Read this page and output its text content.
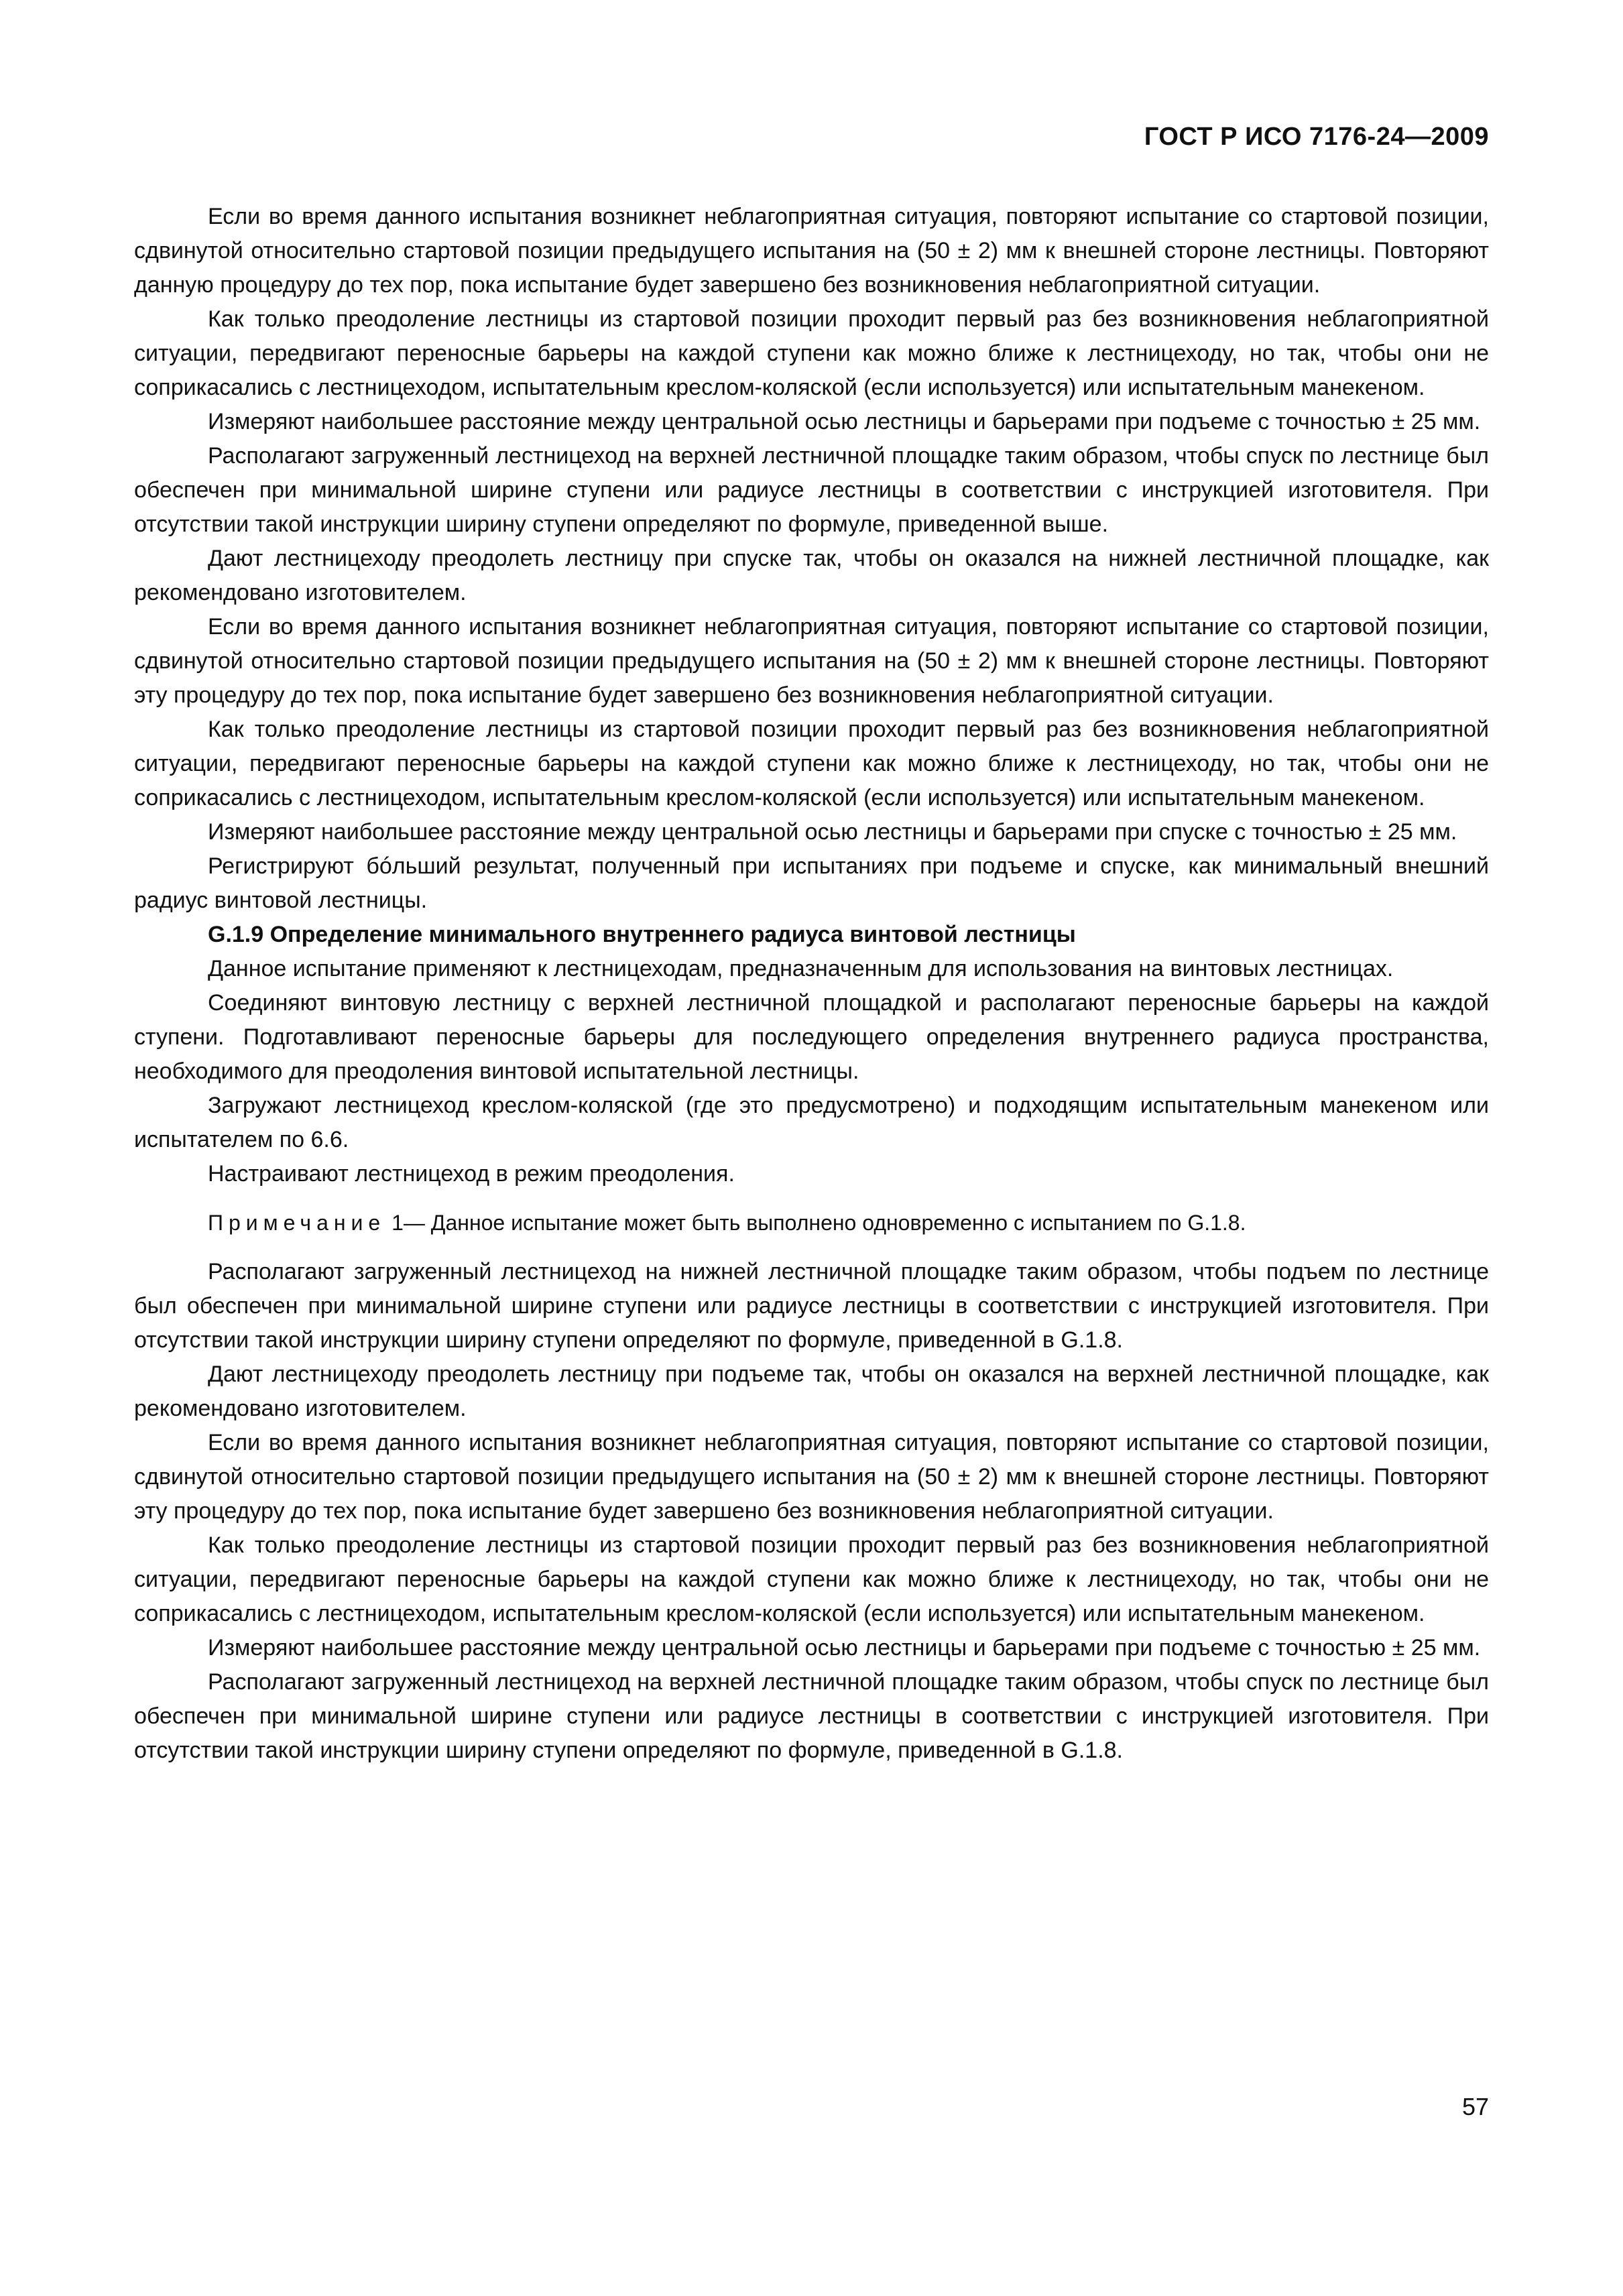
ГОСТ Р ИСО 7176-24—2009

Если во время данного испытания возникнет неблагоприятная ситуация, повторяют испытание со стартовой позиции, сдвинутой относительно стартовой позиции предыдущего испытания на (50 ± 2) мм к внешней стороне лестницы. Повторяют данную процедуру до тех пор, пока испытание будет завершено без возникновения неблагоприятной ситуации.

Как только преодоление лестницы из стартовой позиции проходит первый раз без возникновения неблагоприятной ситуации, передвигают переносные барьеры на каждой ступени как можно ближе к лестницеходу, но так, чтобы они не соприкасались с лестницеходом, испытательным креслом-коляской (если используется) или испытательным манекеном.

Измеряют наибольшее расстояние между центральной осью лестницы и барьерами при подъеме с точностью ± 25 мм.

Располагают загруженный лестницеход на верхней лестничной площадке таким образом, чтобы спуск по лестнице был обеспечен при минимальной ширине ступени или радиусе лестницы в соответствии с инструкцией изготовителя. При отсутствии такой инструкции ширину ступени определяют по формуле, приведенной выше.

Дают лестницеходу преодолеть лестницу при спуске так, чтобы он оказался на нижней лестничной площадке, как рекомендовано изготовителем.

Если во время данного испытания возникнет неблагоприятная ситуация, повторяют испытание со стартовой позиции, сдвинутой относительно стартовой позиции предыдущего испытания на (50 ± 2) мм к внешней стороне лестницы. Повторяют эту процедуру до тех пор, пока испытание будет завершено без возникновения неблагоприятной ситуации.

Как только преодоление лестницы из стартовой позиции проходит первый раз без возникновения неблагоприятной ситуации, передвигают переносные барьеры на каждой ступени как можно ближе к лестницеходу, но так, чтобы они не соприкасались с лестницеходом, испытательным креслом-коляской (если используется) или испытательным манекеном.

Измеряют наибольшее расстояние между центральной осью лестницы и барьерами при спуске с точностью ± 25 мм.

Регистрируют бóльший результат, полученный при испытаниях при подъеме и спуске, как минимальный внешний радиус винтовой лестницы.

G.1.9 Определение минимального внутреннего радиуса винтовой лестницы

Данное испытание применяют к лестницеходам, предназначенным для использования на винтовых лестницах.

Соединяют винтовую лестницу с верхней лестничной площадкой и располагают переносные барьеры на каждой ступени. Подготавливают переносные барьеры для последующего определения внутреннего радиуса пространства, необходимого для преодоления винтовой испытательной лестницы.

Загружают лестницеход креслом-коляской (где это предусмотрено) и подходящим испытательным манекеном или испытателем по 6.6.

Настраивают лестницеход в режим преодоления.

Примечание 1— Данное испытание может быть выполнено одновременно с испытанием по G.1.8.

Располагают загруженный лестницеход на нижней лестничной площадке таким образом, чтобы подъем по лестнице был обеспечен при минимальной ширине ступени или радиусе лестницы в соответствии с инструкцией изготовителя. При отсутствии такой инструкции ширину ступени определяют по формуле, приведенной в G.1.8.

Дают лестницеходу преодолеть лестницу при подъеме так, чтобы он оказался на верхней лестничной площадке, как рекомендовано изготовителем.

Если во время данного испытания возникнет неблагоприятная ситуация, повторяют испытание со стартовой позиции, сдвинутой относительно стартовой позиции предыдущего испытания на (50 ± 2) мм к внешней стороне лестницы. Повторяют эту процедуру до тех пор, пока испытание будет завершено без возникновения неблагоприятной ситуации.

Как только преодоление лестницы из стартовой позиции проходит первый раз без возникновения неблагоприятной ситуации, передвигают переносные барьеры на каждой ступени как можно ближе к лестницеходу, но так, чтобы они не соприкасались с лестницеходом, испытательным креслом-коляской (если используется) или испытательным манекеном.

Измеряют наибольшее расстояние между центральной осью лестницы и барьерами при подъеме с точностью ± 25 мм.

Располагают загруженный лестницеход на верхней лестничной площадке таким образом, чтобы спуск по лестнице был обеспечен при минимальной ширине ступени или радиусе лестницы в соответствии с инструкцией изготовителя. При отсутствии такой инструкции ширину ступени определяют по формуле, приведенной в G.1.8.

57
